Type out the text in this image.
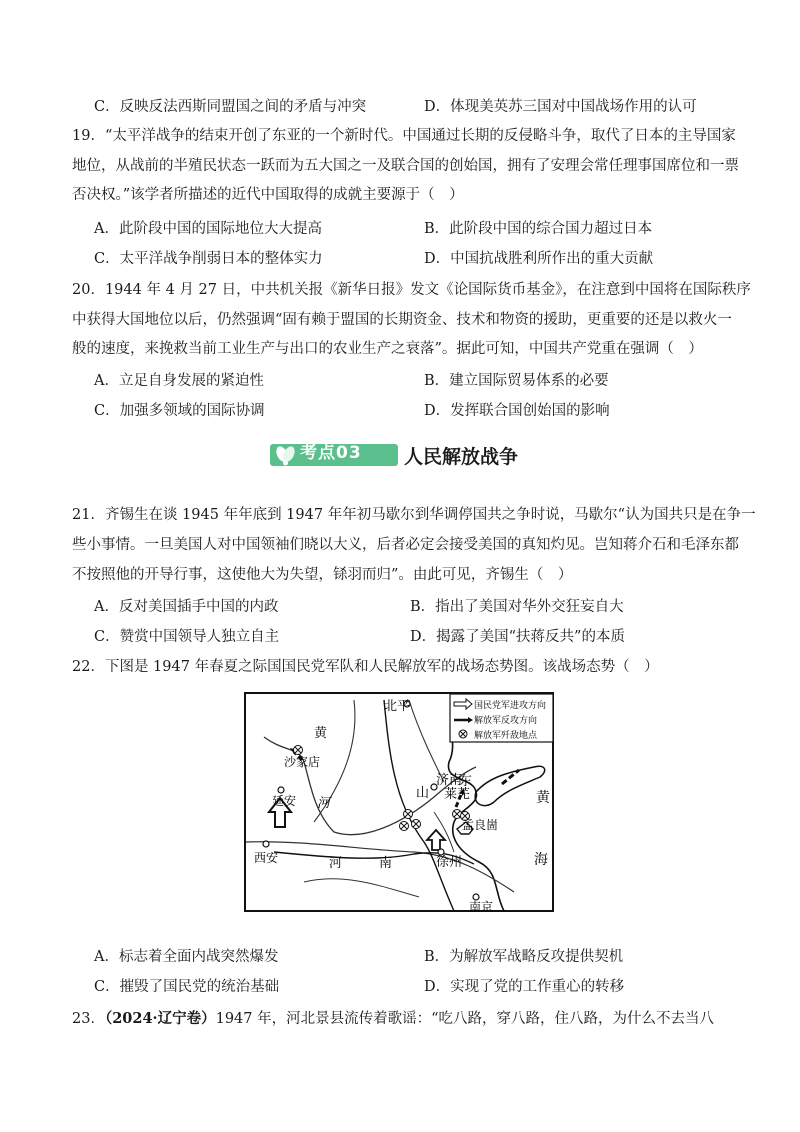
C．反映反法西斯同盟国之间的矛盾与冲突	D．体现美英苏三国对中国战场作用的认可
19．“太平洋战争的结束开创了东亚的一个新时代。中国通过长期的反侵略斗争，取代了日本的主导国家
地位，从战前的半殖民状态一跃而为五大国之一及联合国的创始国，拥有了安理会常任理事国席位和一票
否决权。”该学者所描述的近代中国取得的成就主要源于（　）
A．此阶段中国的国际地位大大提高	B．此阶段中国的综合国力超过日本
C．太平洋战争削弱日本的整体实力	D．中国抗战胜利所作出的重大贡献
20．1944 年 4 月 27 日，中共机关报《新华日报》发文《论国际货币基金》，在注意到中国将在国际秩序
中获得大国地位以后，仍然强调“固有赖于盟国的长期资金、技术和物资的援助，更重要的还是以救火一
般的速度，来挽救当前工业生产与出口的农业生产之衰落”。据此可知，中国共产党重在强调（　）
A．立足自身发展的紧迫性	B．建立国际贸易体系的必要
C．加强多领域的国际协调	D．发挥联合国创始国的影响
考点03 人民解放战争
21．齐锡生在谈 1945 年年底到 1947 年年初马歇尔到华调停国共之争时说，马歇尔“认为国共只是在争一
些小事情。一旦美国人对中国领袖们晓以大义，后者必定会接受美国的真知灼见。岂知蒋介石和毛泽东都
不按照他的开导行事，这使他大为失望，铩羽而归”。由此可见，齐锡生（　）
A．反对美国插手中国的内政	B．指出了美国对华外交狂妄自大
C．赞赏中国领导人独立自主	D．揭露了美国“扶蒋反共”的本质
22．下图是 1947 年春夏之际国国民党军队和人民解放军的战场态势图。该战场态势（　）
国民党军进攻方向
解放军反攻方向
解放军歼敌地点
北平
沙家店
延安
西安
济南
莱芜
孟良崮
徐州
南京
黄
河
山
东
黄
海
河	南
A．标志着全面内战突然爆发	B．为解放军战略反攻提供契机
C．摧毁了国民党的统治基础	D．实现了党的工作重心的转移
23．（2024·辽宁卷）1947 年，河北景县流传着歌谣：“吃八路，穿八路，住八路，为什么不去当八
